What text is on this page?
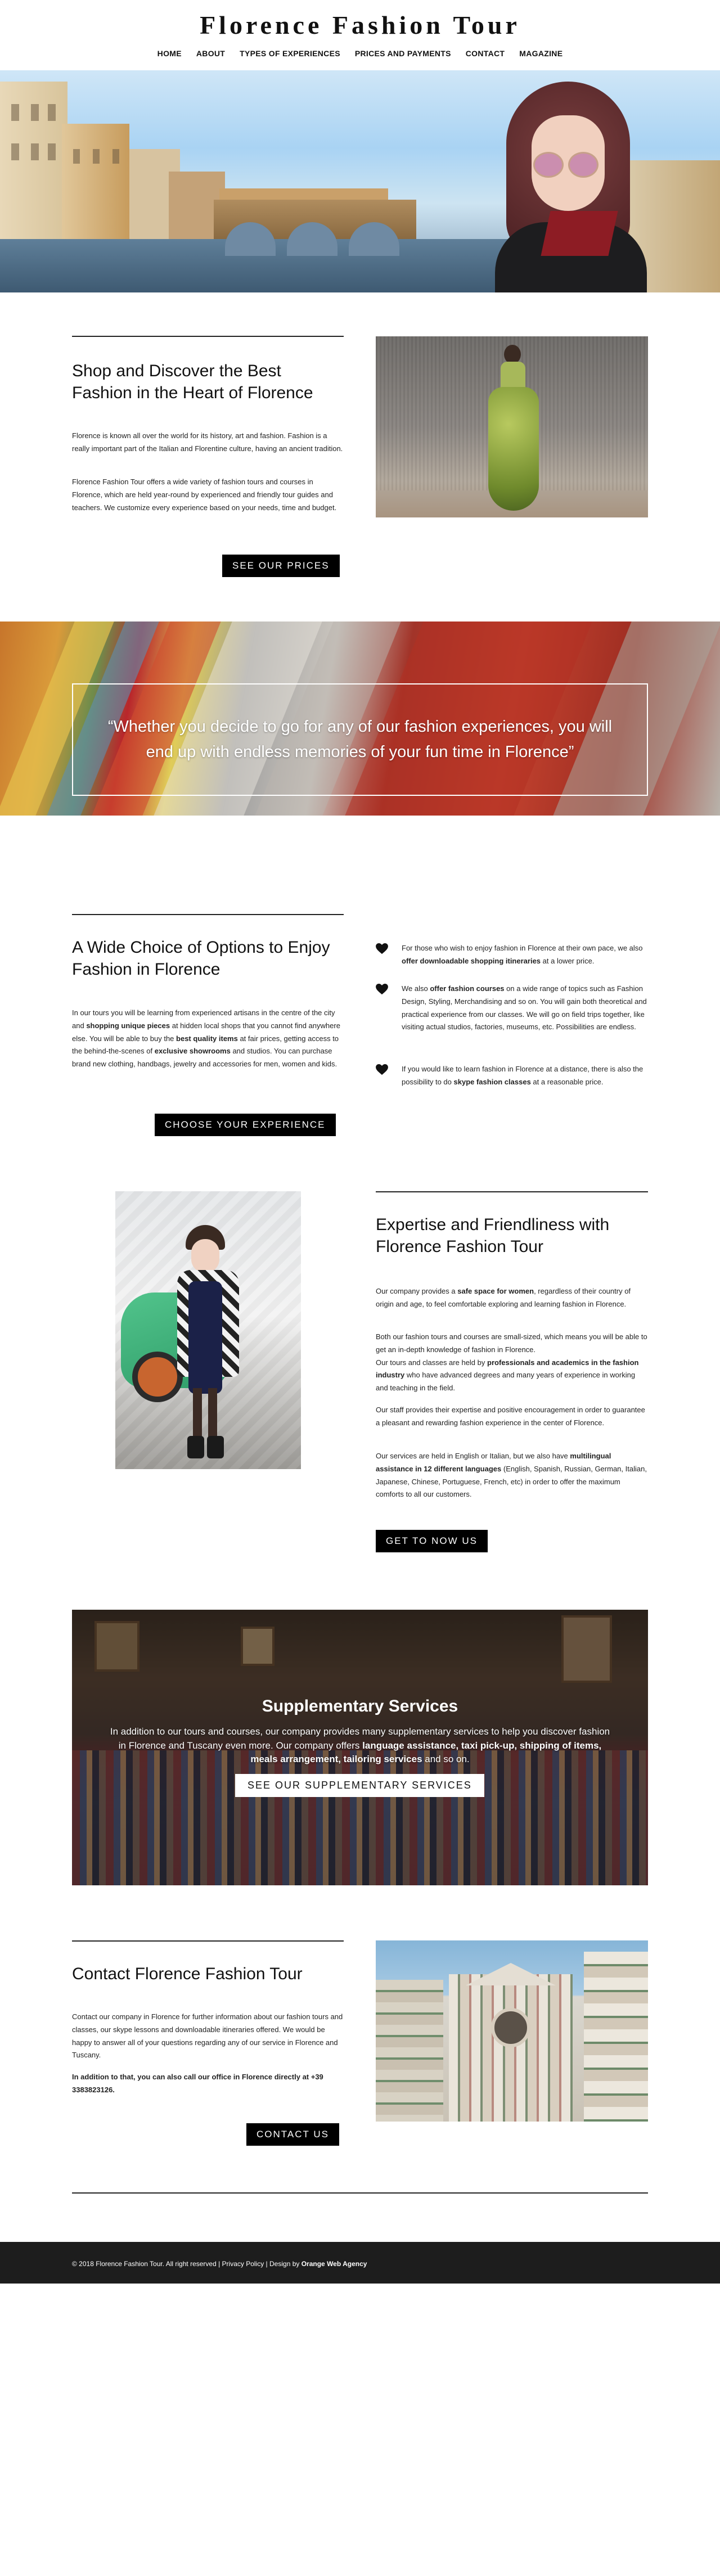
Florence Fashion Tour
HOME ABOUT TYPES OF EXPERIENCES PRICES AND PAYMENTS CONTACT MAGAZINE
Shop and Discover the Best Fashion in the Heart of Florence

Florence is known all over the world for its history, art and fashion. Fashion is a really important part of the Italian and Florentine culture, having an ancient tradition.

Florence Fashion Tour offers a wide variety of fashion tours and courses in Florence, which are held year-round by experienced and friendly tour guides and teachers. We customize every experience based on your needs, time and budget.

SEE OUR PRICES

“Whether you decide to go for any of our fashion experiences, you will end up with endless memories of your fun time in Florence”

A Wide Choice of Options to Enjoy Fashion in Florence

In our tours you will be learning from experienced artisans in the centre of the city and shopping unique pieces at hidden local shops that you cannot find anywhere else. You will be able to buy the best quality items at fair prices, getting access to the behind-the-scenes of exclusive showrooms and studios. You can purchase brand new clothing, handbags, jewelry and accessories for men, women and kids.

CHOOSE YOUR EXPERIENCE

For those who wish to enjoy fashion in Florence at their own pace, we also offer downloadable shopping itineraries at a lower price.

We also offer fashion courses on a wide range of topics such as Fashion Design, Styling, Merchandising and so on. You will gain both theoretical and practical experience from our classes. We will go on field trips together, like visiting actual studios, factories, museums, etc. Possibilities are endless.

If you would like to learn fashion in Florence at a distance, there is also the possibility to do skype fashion classes at a reasonable price.

Expertise and Friendliness with Florence Fashion Tour

Our company provides a safe space for women, regardless of their country of origin and age, to feel comfortable exploring and learning fashion in Florence.

Both our fashion tours and courses are small-sized, which means you will be able to get an in-depth knowledge of fashion in Florence.
Our tours and classes are held by professionals and academics in the fashion industry who have advanced degrees and many years of experience in working and teaching in the field.

Our staff provides their expertise and positive encouragement in order to guarantee a pleasant and rewarding fashion experience in the center of Florence.

Our services are held in English or Italian, but we also have multilingual assistance in 12 different languages (English, Spanish, Russian, German, Italian, Japanese, Chinese, Portuguese, French, etc) in order to offer the maximum comforts to all our customers.

GET TO NOW US
Supplementary Services

In addition to our tours and courses, our company provides many supplementary services to help you discover fashion in Florence and Tuscany even more. Our company offers language assistance, taxi pick-up, shipping of items, meals arrangement, tailoring services and so on.

SEE OUR SUPPLEMENTARY SERVICES
Contact Florence Fashion Tour

Contact our company in Florence for further information about our fashion tours and classes, our skype lessons and downloadable itineraries offered. We would be happy to answer all of your questions regarding any of our service in Florence and Tuscany.

In addition to that, you can also call our office in Florence directly at +39 3383823126.

CONTACT US
© 2018 Florence Fashion Tour. All right reserved | Privacy Policy | Design by Orange Web Agency
